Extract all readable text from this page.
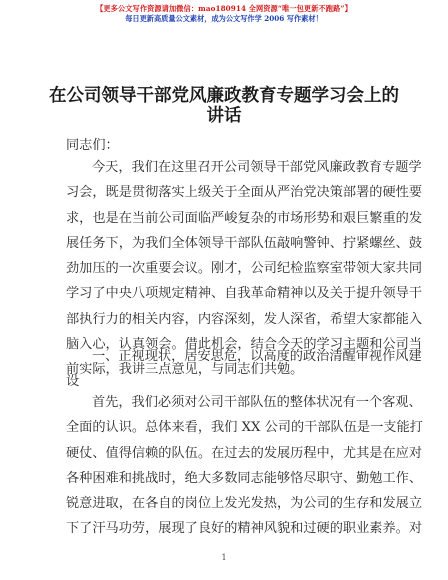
【更多公文写作资源请加微信：mao180914 全网资源“唯一包更新不跑路”】
每日更新高质量公文素材，成为公文写作学 2006 写作素材！
在公司领导干部党风廉政教育专题学习会上的
讲话
同志们：
今天，我们在这里召开公司领导干部党风廉政教育专题学
习会，既是贯彻落实上级关于全面从严治党决策部署的硬性要
求，也是在当前公司面临严峻复杂的市场形势和艰巨繁重的发
展任务下，为我们全体领导干部队伍敲响警钟、拧紧螺丝、鼓
劲加压的一次重要会议。刚才，公司纪检监察室带领大家共同
学习了中央八项规定精神、自我革命精神以及关于提升领导干
部执行力的相关内容，内容深刻，发人深省，希望大家都能入
脑入心，认真领会。借此机会，结合今天的学习主题和公司当
前实际，我讲三点意见，与同志们共勉。
一、正视现状，居安思危，以高度的政治清醒审视作风建
设
首先，我们必须对公司干部队伍的整体状况有一个客观、
全面的认识。总体来看，我们 XX 公司的干部队伍是一支能打
硬仗、值得信赖的队伍。在过去的发展历程中，尤其是在应对
各种困难和挑战时，绝大多数同志能够恪尽职守、勤勉工作、
锐意进取，在各自的岗位上发光发热，为公司的生存和发展立
下了汗马功劳，展现了良好的精神风貌和过硬的职业素养。对
1
